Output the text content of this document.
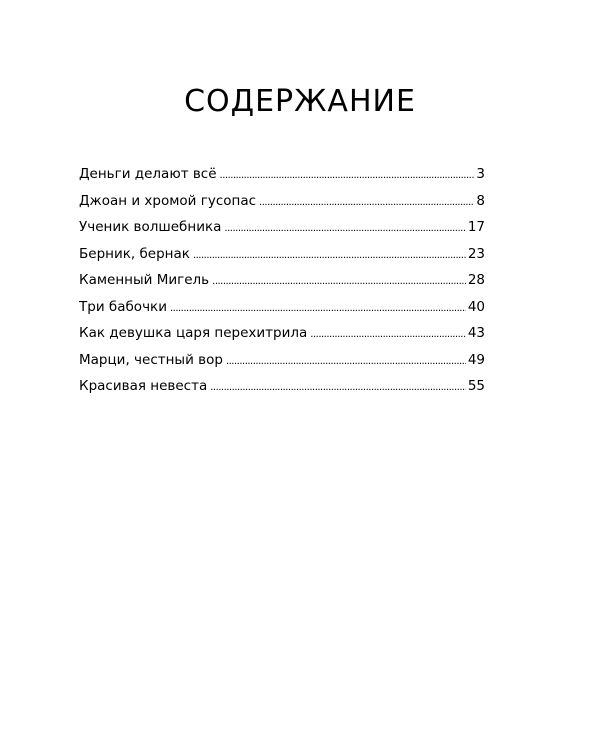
СОДЕРЖАНИЕ
Деньги делают всё .....	3
Джоан и хромой гусопас .....	8
Ученик волшебника .....	17
Берник, бернак .....	23
Каменный Мигель .....	28
Три бабочки .....	40
Как девушка царя перехитрила .....	43
Марци, честный вор .....	49
Красивая невеста .....	55
